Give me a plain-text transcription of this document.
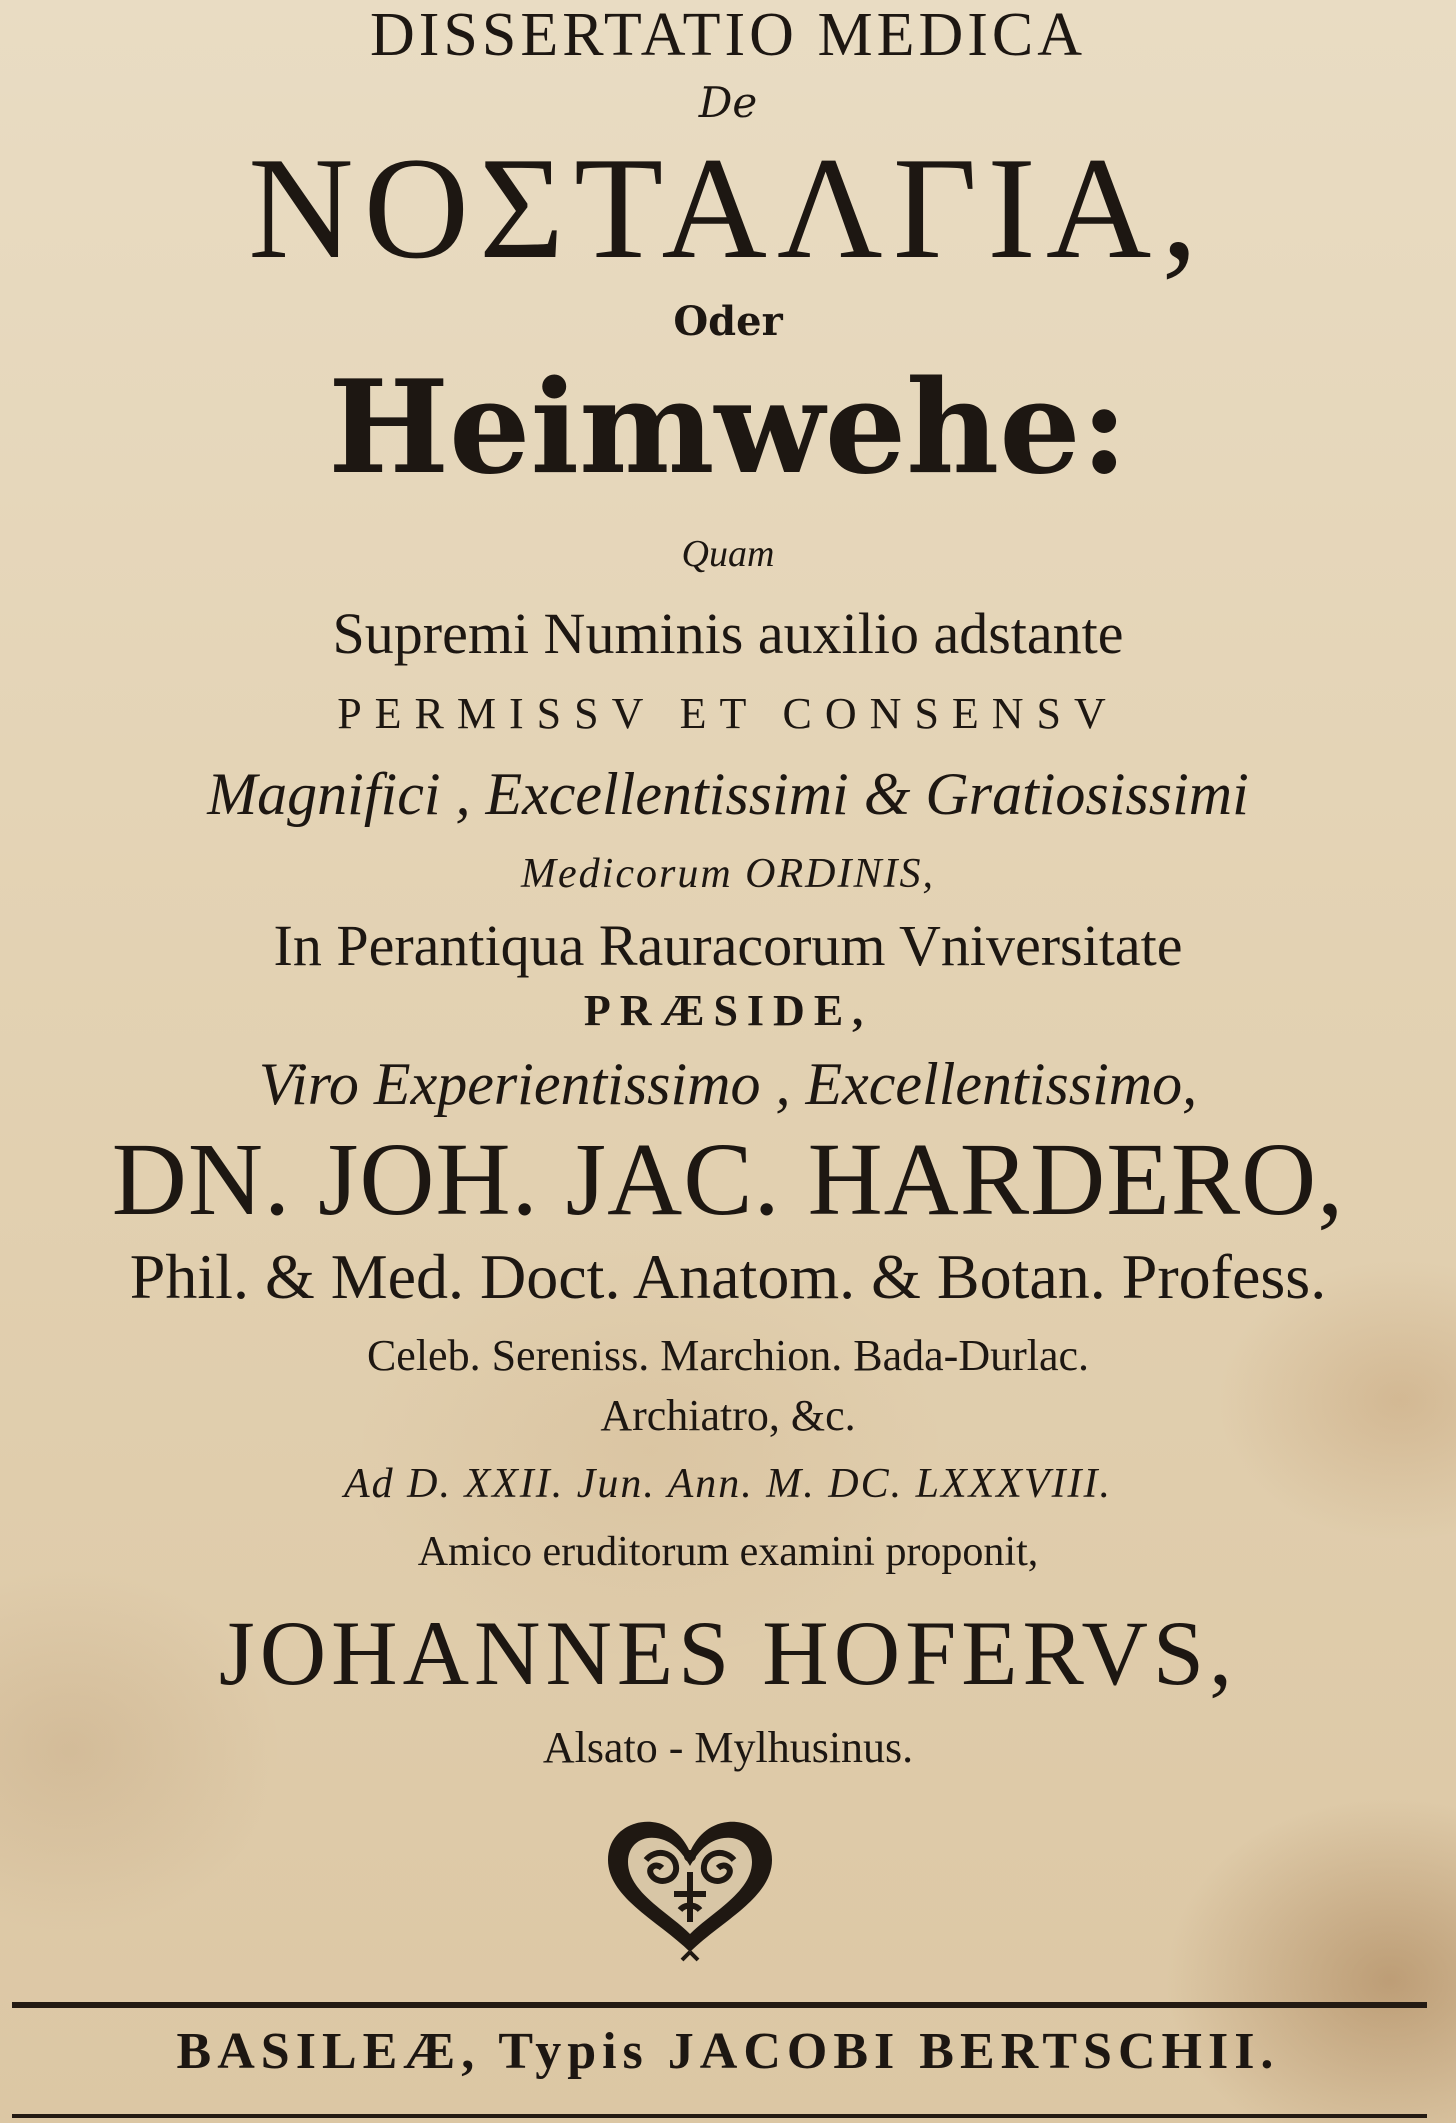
DISSERTATIO MEDICA
De
ΝΟΣΤΑΛΓΙΑ,
Oder
Heimwehe:
Quam
Supremi Numinis auxilio adstante
PERMISSV ET CONSENSV
Magnifici , Excellentissimi & Gratiosissimi
Medicorum ORDINIS,
In Perantiqua Rauracorum Vniversitate
PRÆSIDE,
Viro Experientissimo , Excellentissimo,
DN. JOH. JAC. HARDERO,
Phil. & Med. Doct. Anatom. & Botan. Profess.
Celeb. Sereniss. Marchion. Bada-Durlac.
Archiatro, &c.
Ad D. XXII. Jun. Ann. M. DC. LXXXVIII.
Amico eruditorum examini proponit,
JOHANNES HOFERVS,
Alsato - Mylhusinus.
BASILEÆ, Typis JACOBI BERTSCHII.
